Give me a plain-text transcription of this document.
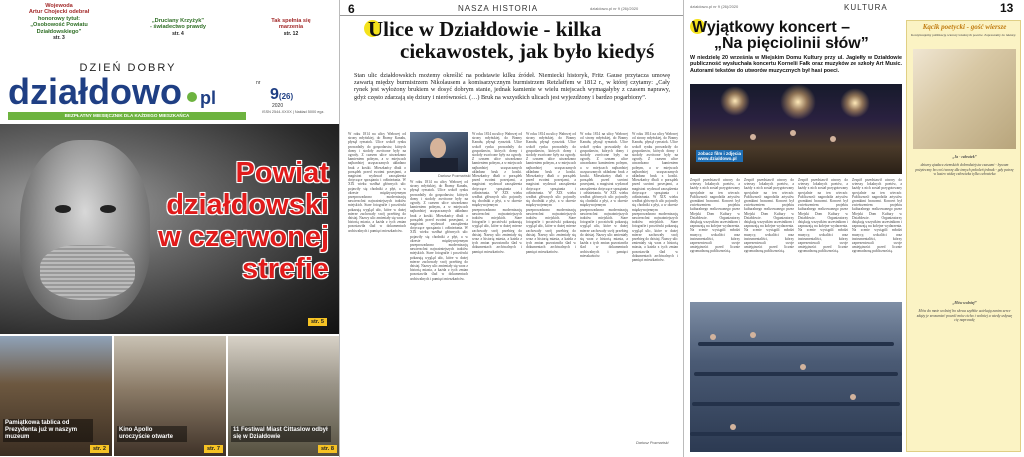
Wojewoda
Artur Chojecki odebrał
honorowy tytuł:
„Osobowość Powiatu
Działdowskiego”
str. 3
„Druciany Krzyżyk”
- świadectwo prawdy
str. 4
Tak spełnia się
marzenia
str. 12
DZIEŃ DOBRY
działdowo	pl
BEZPŁATNY MIESIĘCZNIK DLA KAŻDEGO MIESZKAŃCA
nr
9(26)
2020
ISSN 2544-XXXX | Nakład 5000 egz.
Powiat
działdowski
w czerwonej
strefie
str. 5
Pamiątkowa tablica od Prezydenta już w naszym muzeum
str. 2
Kino Apollo uroczyście otwarte
str. 7
11 Festiwal Miast Cittaslow odbył się w Działdowie
str. 8
6	NASZA HISTORIA	dzialdowo.pl nr 9 (26)/2020
Ulice w Działdowie - kilka
ciekawostek, jak było kiedyś
Stan ulic działdowskich możemy określić na podstawie kilku źródeł. Niemiecki historyk, Fritz Gause przytacza umowę zawartą między burmistrzem Nikolausem a komisarzycznym burmistrzem Retzlaffem w 1812 r., w której czytamy: „Cały rynek jest wyłożony brukiem w dosyć dobrym stanie, jednak kamienie w wielu miejscach wymagałyby z czasem naprawy, gdyż często zdarzają się dziury i nierówności. (…) Bruk na wszystkich ulicach jest wyjezdżony i bardzo pogarbiony”.
W roku 1814 na ulicy Wałowej od strony młyńskiej, do Bramy Kanału, płynął rynsztok. Ulice wokół rynku prowadziły do gospodarstw, których domy i stodoły zwrócone były na ogrody. Z czasem ulice utwardzano kamieniem polnym, a w miejscach najbardziej uczęszczanych układano bruk z kostki. Mieszkańcy dbali o porządek przed swoimi posesjami, a magistrat wydawał zarządzenia dotyczące sprzątania i odśnieżania. W XIX wieku wzdłuż głównych ulic pojawiły się chodniki z płyt, a w okresie międzywojennym przeprowadzono modernizację nawierzchni najważniejszych traktów miejskich. Stare fotografie i pocztówki pokazują wygląd ulic, które w dużej mierze zachowały swój przebieg do dzisiaj. Nazwy ulic zmieniały się wraz z historią miasta, a każda z tych zmian pozostawiła ślad w dokumentach archiwalnych i pamięci mieszkańców.
Dariusz Pozmański
W roku 1814 na ulicy Wałowej od strony młyńskiej, do Bramy Kanału, płynął rynsztok. Ulice wokół rynku prowadziły do gospodarstw, których domy i stodoły zwrócone były na ogrody. Z czasem ulice utwardzano kamieniem polnym, a w miejscach najbardziej uczęszczanych układano bruk z kostki. Mieszkańcy dbali o porządek przed swoimi posesjami, a magistrat wydawał zarządzenia dotyczące sprzątania i odśnieżania. W XIX wieku wzdłuż głównych ulic pojawiły się chodniki z płyt, a w okresie międzywojennym przeprowadzono modernizację nawierzchni najważniejszych traktów miejskich. Stare fotografie i pocztówki pokazują wygląd ulic, które w dużej mierze zachowały swój przebieg do dzisiaj. Nazwy ulic zmieniały się wraz z historią miasta, a każda z tych zmian pozostawiła ślad w dokumentach archiwalnych i pamięci mieszkańców.
W roku 1814 na ulicy Wałowej od strony młyńskiej, do Bramy Kanału, płynął rynsztok. Ulice wokół rynku prowadziły do gospodarstw, których domy i stodoły zwrócone były na ogrody. Z czasem ulice utwardzano kamieniem polnym, a w miejscach najbardziej uczęszczanych układano bruk z kostki. Mieszkańcy dbali o porządek przed swoimi posesjami, a magistrat wydawał zarządzenia dotyczące sprzątania i odśnieżania. W XIX wieku wzdłuż głównych ulic pojawiły się chodniki z płyt, a w okresie międzywojennym przeprowadzono modernizację nawierzchni najważniejszych traktów miejskich. Stare fotografie i pocztówki pokazują wygląd ulic, które w dużej mierze zachowały swój przebieg do dzisiaj. Nazwy ulic zmieniały się wraz z historią miasta, a każda z tych zmian pozostawiła ślad w dokumentach archiwalnych i pamięci mieszkańców.
W roku 1814 na ulicy Wałowej od strony młyńskiej, do Bramy Kanału, płynął rynsztok. Ulice wokół rynku prowadziły do gospodarstw, których domy i stodoły zwrócone były na ogrody. Z czasem ulice utwardzano kamieniem polnym, a w miejscach najbardziej uczęszczanych układano bruk z kostki. Mieszkańcy dbali o porządek przed swoimi posesjami, a magistrat wydawał zarządzenia dotyczące sprzątania i odśnieżania. W XIX wieku wzdłuż głównych ulic pojawiły się chodniki z płyt, a w okresie międzywojennym przeprowadzono modernizację nawierzchni najważniejszych traktów miejskich. Stare fotografie i pocztówki pokazują wygląd ulic, które w dużej mierze zachowały swój przebieg do dzisiaj. Nazwy ulic zmieniały się wraz z historią miasta, a każda z tych zmian pozostawiła ślad w dokumentach archiwalnych i pamięci mieszkańców.
W roku 1814 na ulicy Wałowej od strony młyńskiej, do Bramy Kanału, płynął rynsztok. Ulice wokół rynku prowadziły do gospodarstw, których domy i stodoły zwrócone były na ogrody. Z czasem ulice utwardzano kamieniem polnym, a w miejscach najbardziej uczęszczanych układano bruk z kostki. Mieszkańcy dbali o porządek przed swoimi posesjami, a magistrat wydawał zarządzenia dotyczące sprzątania i odśnieżania. W XIX wieku wzdłuż głównych ulic pojawiły się chodniki z płyt, a w okresie międzywojennym przeprowadzono modernizację nawierzchni najważniejszych traktów miejskich. Stare fotografie i pocztówki pokazują wygląd ulic, które w dużej mierze zachowały swój przebieg do dzisiaj. Nazwy ulic zmieniały się wraz z historią miasta, a każda z tych zmian pozostawiła ślad w dokumentach archiwalnych i pamięci mieszkańców.
W roku 1814 na ulicy Wałowej od strony młyńskiej, do Bramy Kanału, płynął rynsztok. Ulice wokół rynku prowadziły do gospodarstw, których domy i stodoły zwrócone były na ogrody. Z czasem ulice utwardzano kamieniem polnym, a w miejscach najbardziej uczęszczanych układano bruk z kostki. Mieszkańcy dbali o porządek przed swoimi posesjami, a magistrat wydawał zarządzenia dotyczące sprzątania i odśnieżania. W XIX wieku wzdłuż głównych ulic pojawiły się chodniki z płyt, a w okresie międzywojennym przeprowadzono modernizację nawierzchni najważniejszych traktów miejskich. Stare fotografie i pocztówki pokazują wygląd ulic, które w dużej mierze zachowały swój przebieg do dzisiaj. Nazwy ulic zmieniały się wraz z historią miasta, a każda z tych zmian pozostawiła ślad w dokumentach archiwalnych i pamięci mieszkańców.
Dariusz Pozmański
dzialdowo.pl nr 9 (26)/2020	KULTURA	13
Wyjątkowy koncert –
„Na pięciolinii słów”
W niedzielę 20 września w Miejskim Domu Kultury przy ul. Jagiełły w Działdowie publiczność wysłuchała koncertu Kornelii Fałk oraz muzyków ze szkoły Art Music. Autorami tekstów do utworów muzycznych był hasi poeci.
zobacz film i zdjęcia
www.dzialdowo.pl
Zespół przedstawił utwory do wierszy lokalnych poetów, a każdy z nich został przygotowany specjalnie na ten wieczór. Publiczność nagrodziła artystów gromkimi brawami. Koncert był zwieńczeniem projektu kulturalnego realizowanego przez Miejski Dom Kultury w Działdowie. Organizatorzy dziękują wszystkim uczestnikom i zapraszają na kolejne wydarzenia. Na scenie wystąpili młodzi muzycy, wokaliści oraz instrumentaliści, którzy zaprezentowali swoje umiejętności przed licznie zgromadzoną publicznością.
Zespół przedstawił utwory do wierszy lokalnych poetów, a każdy z nich został przygotowany specjalnie na ten wieczór. Publiczność nagrodziła artystów gromkimi brawami. Koncert był zwieńczeniem projektu kulturalnego realizowanego przez Miejski Dom Kultury w Działdowie. Organizatorzy dziękują wszystkim uczestnikom i zapraszają na kolejne wydarzenia. Na scenie wystąpili młodzi muzycy, wokaliści oraz instrumentaliści, którzy zaprezentowali swoje umiejętności przed licznie zgromadzoną publicznością.
Zespół przedstawił utwory do wierszy lokalnych poetów, a każdy z nich został przygotowany specjalnie na ten wieczór. Publiczność nagrodziła artystów gromkimi brawami. Koncert był zwieńczeniem projektu kulturalnego realizowanego przez Miejski Dom Kultury w Działdowie. Organizatorzy dziękują wszystkim uczestnikom i zapraszają na kolejne wydarzenia. Na scenie wystąpili młodzi muzycy, wokaliści oraz instrumentaliści, którzy zaprezentowali swoje umiejętności przed licznie zgromadzoną publicznością.
Zespół przedstawił utwory do wierszy lokalnych poetów, a każdy z nich został przygotowany specjalnie na ten wieczór. Publiczność nagrodziła artystów gromkimi brawami. Koncert był zwieńczeniem projektu kulturalnego realizowanego przez Miejski Dom Kultury w Działdowie. Organizatorzy dziękują wszystkim uczestnikom i zapraszają na kolejne wydarzenia. Na scenie wystąpili młodzi muzycy, wokaliści oraz instrumentaliści, którzy zaprezentowali swoje umiejętności przed licznie zgromadzoną publicznością.
Kącik poetycki - gość wiersze
Kontynuujemy publikację wierszy lokalnych poetów. Zapraszamy do lektury.
„Ja - człowiek”
dziwny zjadacz ziemskich dobrodziejstw czasami - bywam pożyteczny bo coś tworzę dla innych pokoleń jednak - gdy patrzę w lustro widzę człowieka tylko człowieka
„Mów wolniej”
Mów do mnie wolniej bo słowa szybkie uciekają zanim serce zdąży je zrozumieć powoli mów cicho i wolniej a wtedy usłyszę cię naprawdę
